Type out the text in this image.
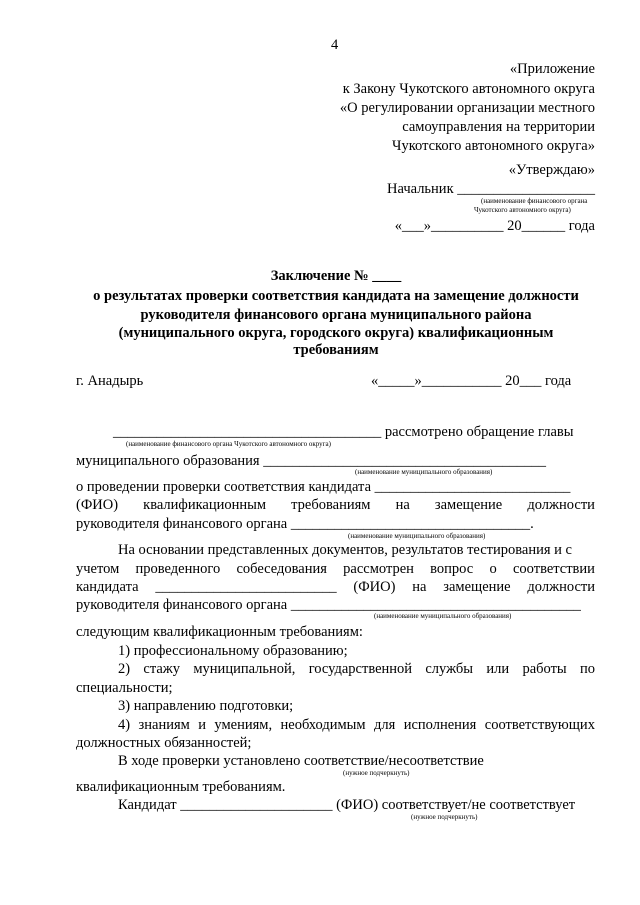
4
«Приложение
к Закону Чукотского автономного округа
«О регулировании организации местного
самоуправления на территории
Чукотского автономного округа»
«Утверждаю»
Начальник ___________________
(наименование финансового органа
Чукотского автономного округа)
«___»__________ 20______ года
Заключение № ____
о результатах проверки соответствия кандидата на замещение должности
руководителя финансового органа муниципального района
(муниципального округа, городского округа) квалификационным
требованиям
г. Анадырь	«_____»___________ 20___ года
_____________________________________ рассмотрено обращение главы
(наименование финансового органа Чукотского автономного округа)
муниципального образования _______________________________________
(наименование муниципального образования)
о проведении проверки соответствия кандидата ___________________________
(ФИО) квалификационным требованиям на замещение должности
руководителя финансового органа _________________________________.
(наименование муниципального образования)
На основании представленных документов, результатов тестирования и с
учетом проведенного собеседования рассмотрен вопрос о соответствии
кандидата _________________________ (ФИО) на замещение должности
руководителя финансового органа ________________________________________
(наименование муниципального образования)
следующим квалификационным требованиям:
1) профессиональному образованию;
2) стажу муниципальной, государственной службы или работы по
специальности;
3) направлению подготовки;
4) знаниям и умениям, необходимым для исполнения соответствующих
должностных обязанностей;
В ходе проверки установлено соответствие/несоответствие
(нужное подчеркнуть)
квалификационным требованиям.
Кандидат _____________________ (ФИО) соответствует/не соответствует
(нужное подчеркнуть)
